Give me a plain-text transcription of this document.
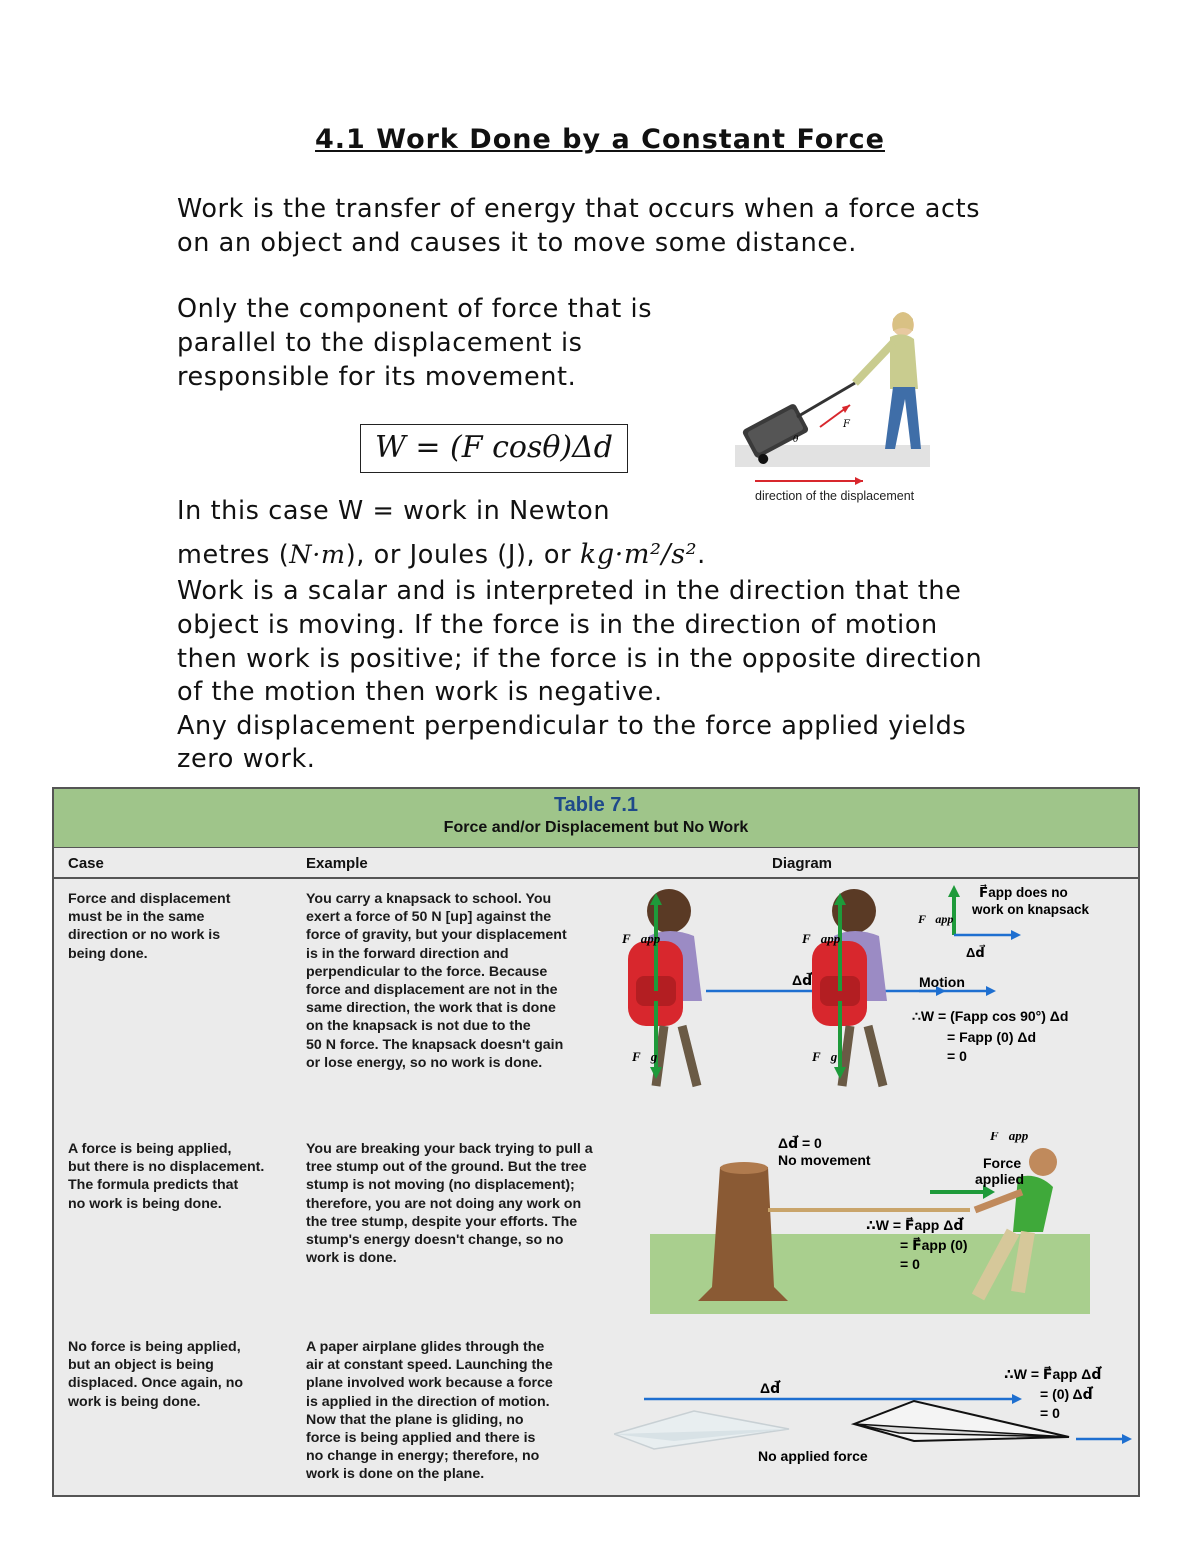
4.1 Work Done by a Constant Force
Work is the transfer of energy that occurs when a force acts
on an object and causes it to move some distance.
Only the component of force that is
parallel to the displacement is
responsible for its movement.
W = (F cosθ)Δd
F
θ
direction of the displacement
In this case W = work in Newton
metres (N·m), or Joules (J), or kg·m²/s².
Work is a scalar and is interpreted in the direction that the
object is moving. If the force is in the direction of motion
then work is positive; if the force is in the opposite direction
of the motion then work is negative.
Any displacement perpendicular to the force applied yields
zero work.
Table 7.1
Force and/or Displacement but No Work
Case	Example	Diagram
Force and displacement
must be in the same
direction or no work is
being done.
You carry a knapsack to school. You
exert a force of 50 N [up] against the
force of gravity, but your displacement
is in the forward direction and
perpendicular to the force. Because
force and displacement are not in the
same direction, the work that is done
on the knapsack is not due to the
50 N force. The knapsack doesn't gain
or lose energy, so no work is done.
F⃗app
F⃗g
Δd⃗
F⃗app
F⃗g
F⃗app
Δd⃗
F⃗app does no
work on knapsack
Motion
∴W = (Fapp cos 90°) Δd
= Fapp (0) Δd
= 0
A force is being applied,
but there is no displacement.
The formula predicts that
no work is being done.
You are breaking your back trying to pull a
tree stump out of the ground. But the tree
stump is not moving (no displacement);
therefore, you are not doing any work on
the tree stump, despite your efforts. The
stump's energy doesn't change, so no
work is done.
Δd⃗ = 0
No movement
F⃗app
Force
applied
∴W = F⃗app Δd⃗
= F⃗app (0)
= 0
No force is being applied,
but an object is being
displaced. Once again, no
work is being done.
A paper airplane glides through the
air at constant speed. Launching the
plane involved work because a force
is applied in the direction of motion.
Now that the plane is gliding, no
force is being applied and there is
no change in energy; therefore, no
work is done on the plane.
Δd⃗
No applied force
∴W = F⃗app Δd⃗
= (0) Δd⃗
= 0
